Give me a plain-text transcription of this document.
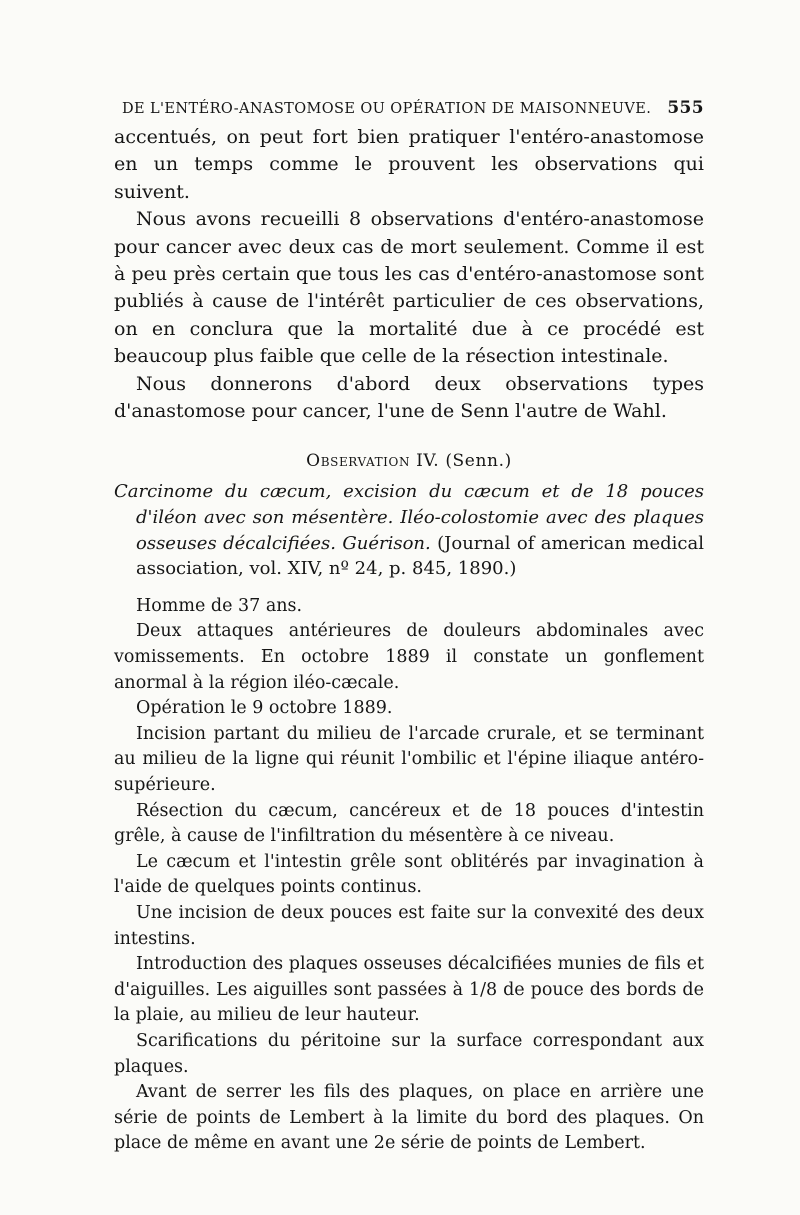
DE L'ENTÉRO-ANASTOMOSE OU OPÉRATION DE MAISONNEUVE. 555

accentués, on peut fort bien pratiquer l'entéro-anastomose en un temps comme le prouvent les observations qui suivent.

Nous avons recueilli 8 observations d'entéro-anastomose pour cancer avec deux cas de mort seulement. Comme il est à peu près certain que tous les cas d'entéro-anastomose sont publiés à cause de l'intérêt particulier de ces observations, on en conclura que la mortalité due à ce procédé est beaucoup plus faible que celle de la résection intestinale.

Nous donnerons d'abord deux observations types d'anastomose pour cancer, l'une de Senn l'autre de Wahl.

Observation IV. (Senn.)

Carcinome du cæcum, excision du cæcum et de 18 pouces d'iléon avec son mésentère. Iléo-colostomie avec des plaques osseuses décalcifiées. Guérison. (Journal of american medical association, vol. XIV, nº 24, p. 845, 1890.)

Homme de 37 ans.

Deux attaques antérieures de douleurs abdominales avec vomissements. En octobre 1889 il constate un gonflement anormal à la région iléo-cæcale.

Opération le 9 octobre 1889.

Incision partant du milieu de l'arcade crurale, et se terminant au milieu de la ligne qui réunit l'ombilic et l'épine iliaque antéro-supérieure.

Résection du cæcum, cancéreux et de 18 pouces d'intestin grêle, à cause de l'infiltration du mésentère à ce niveau.

Le cæcum et l'intestin grêle sont oblitérés par invagination à l'aide de quelques points continus.

Une incision de deux pouces est faite sur la convexité des deux intestins.

Introduction des plaques osseuses décalcifiées munies de fils et d'aiguilles. Les aiguilles sont passées à 1/8 de pouce des bords de la plaie, au milieu de leur hauteur.

Scarifications du péritoine sur la surface correspondant aux plaques.

Avant de serrer les fils des plaques, on place en arrière une série de points de Lembert à la limite du bord des plaques. On place de même en avant une 2e série de points de Lembert.
